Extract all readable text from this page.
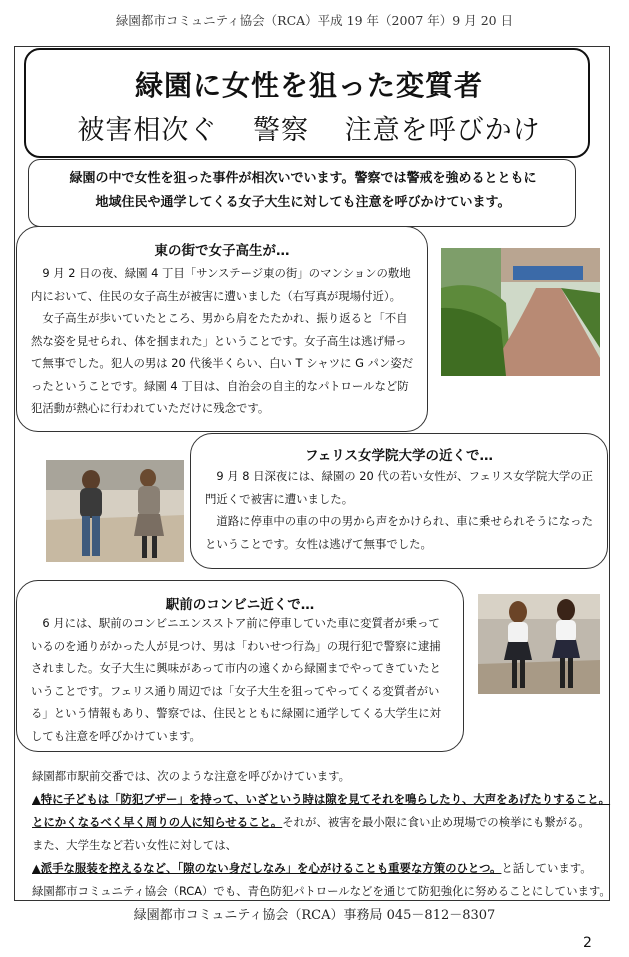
緑園都市コミュニティ協会（RCA）平成 19 年（2007 年）9 月 20 日
緑園に女性を狙った変質者
被害相次ぐ 警察 注意を呼びかけ
緑園の中で女性を狙った事件が相次いでいます。警察では警戒を強めるとともに
地域住民や通学してくる女子大生に対しても注意を呼びかけています。
東の街で女子高生が…

9 月 2 日の夜、緑園 4 丁目「サンステージ東の街」のマンションの敷地内において、住民の女子高生が被害に遭いました（右写真が現場付近）。

女子高生が歩いていたところ、男から肩をたたかれ、振り返ると「不自然な姿を見せられ、体を掴まれた」ということです。女子高生は逃げ帰って無事でした。犯人の男は 20 代後半くらい、白い T シャツに G パン姿だったということです。緑園 4 丁目は、自治会の自主的なパトロールなど防犯活動が熱心に行われていただけに残念です。

フェリス女学院大学の近くで…

9 月 8 日深夜には、緑園の 20 代の若い女性が、フェリス女学院大学の正門近くで被害に遭いました。

道路に停車中の車の中の男から声をかけられ、車に乗せられそうになったということです。女性は逃げて無事でした。

駅前のコンビニ近くで…

6 月には、駅前のコンビニエンスストア前に停車していた車に変質者が乗っているのを通りがかった人が見つけ、男は「わいせつ行為」の現行犯で警察に逮捕されました。女子大生に興味があって市内の遠くから緑園までやってきていたということです。フェリス通り周辺では「女子大生を狙ってやってくる変質者がいる」という情報もあり、警察では、住民とともに緑園に通学してくる大学生に対しても注意を呼びかけています。

緑園都市駅前交番では、次のような注意を呼びかけています。
▲特に子どもは「防犯ブザー」を持って、いざという時は隙を見てそれを鳴らしたり、大声をあげたりすること。
とにかくなるべく早く周りの人に知らせること。それが、被害を最小限に食い止め現場での検挙にも繋がる。
また、大学生など若い女性に対しては、
▲派手な服装を控えるなど、「隙のない身だしなみ」を心がけることも重要な方策のひとつ。と話しています。
緑園都市コミュニティ協会（RCA）でも、青色防犯パトロールなどを通じて防犯強化に努めることにしています。
緑園都市コミュニティ協会（RCA）事務局 045－812－8307
2
